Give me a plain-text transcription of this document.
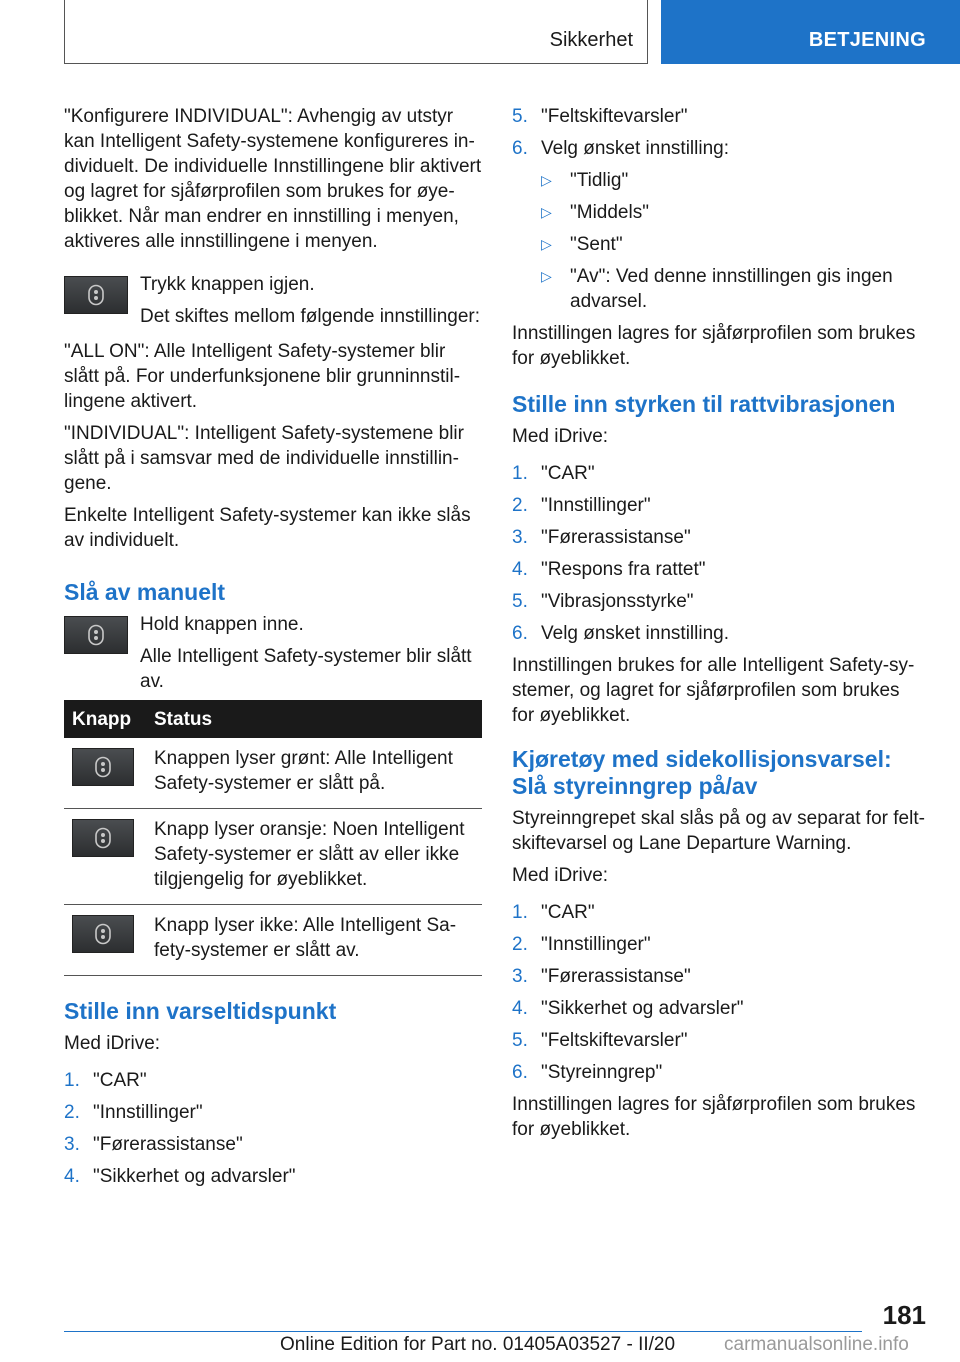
Sikkerhet	BETJENING

"Konfigurere INDIVIDUAL": Avhengig av utstyr kan Intelligent Safety-systemene konfigureres individuelt. De individuelle Innstillingene blir aktivert og lagret for sjåførprofilen som brukes for øyeblikket. Når man endrer en innstilling i menyen, aktiveres alle innstillingene i menyen.

Trykk knappen igjen.

Det skiftes mellom følgende innstillinger:

"ALL ON": Alle Intelligent Safety-systemer blir slått på. For underfunksjonene blir grunninnstillingene aktivert.

"INDIVIDUAL": Intelligent Safety-systemene blir slått på i samsvar med de individuelle innstillingene.

Enkelte Intelligent Safety-systemer kan ikke slås av individuelt.

Slå av manuelt

Hold knappen inne.

Alle Intelligent Safety-systemer blir slått av.

Knapp	Status

	Knappen lyser grønt: Alle Intelligent Safety-systemer er slått på.

	Knapp lyser oransje: Noen Intelligent Safety-systemer er slått av eller ikke tilgjengelig for øyeblikket.

	Knapp lyser ikke: Alle Intelligent Safety-systemer er slått av.
Stille inn varseltidspunkt

Med iDrive:

1. "CAR"
2. "Innstillinger"
3. "Førerassistanse"
4. "Sikkerhet og advarsler"
5. "Feltskiftevarsler"
6. Velg ønsket innstilling:
▷ "Tidlig"
▷ "Middels"
▷ "Sent"
▷ "Av": Ved denne innstillingen gis ingen advarsel.

Innstillingen lagres for sjåførprofilen som brukes for øyeblikket.

Stille inn styrken til rattvibrasjonen

Med iDrive:

1. "CAR"
2. "Innstillinger"
3. "Førerassistanse"
4. "Respons fra rattet"
5. "Vibrasjonsstyrke"
6. Velg ønsket innstilling.

Innstillingen brukes for alle Intelligent Safety-systemer, og lagret for sjåførprofilen som brukes for øyeblikket.

Kjøretøy med sidekollisjonsvarsel:
Slå styreinngrep på/av

Styreinngrepet skal slås på og av separat for feltskiftevarsel og Lane Departure Warning.

Med iDrive:

1. "CAR"
2. "Innstillinger"
3. "Førerassistanse"
4. "Sikkerhet og advarsler"
5. "Feltskiftevarsler"
6. "Styreinngrep"

Innstillingen lagres for sjåførprofilen som brukes for øyeblikket.

181
Online Edition for Part no. 01405A03527 - II/20	carmanualsonline.info
